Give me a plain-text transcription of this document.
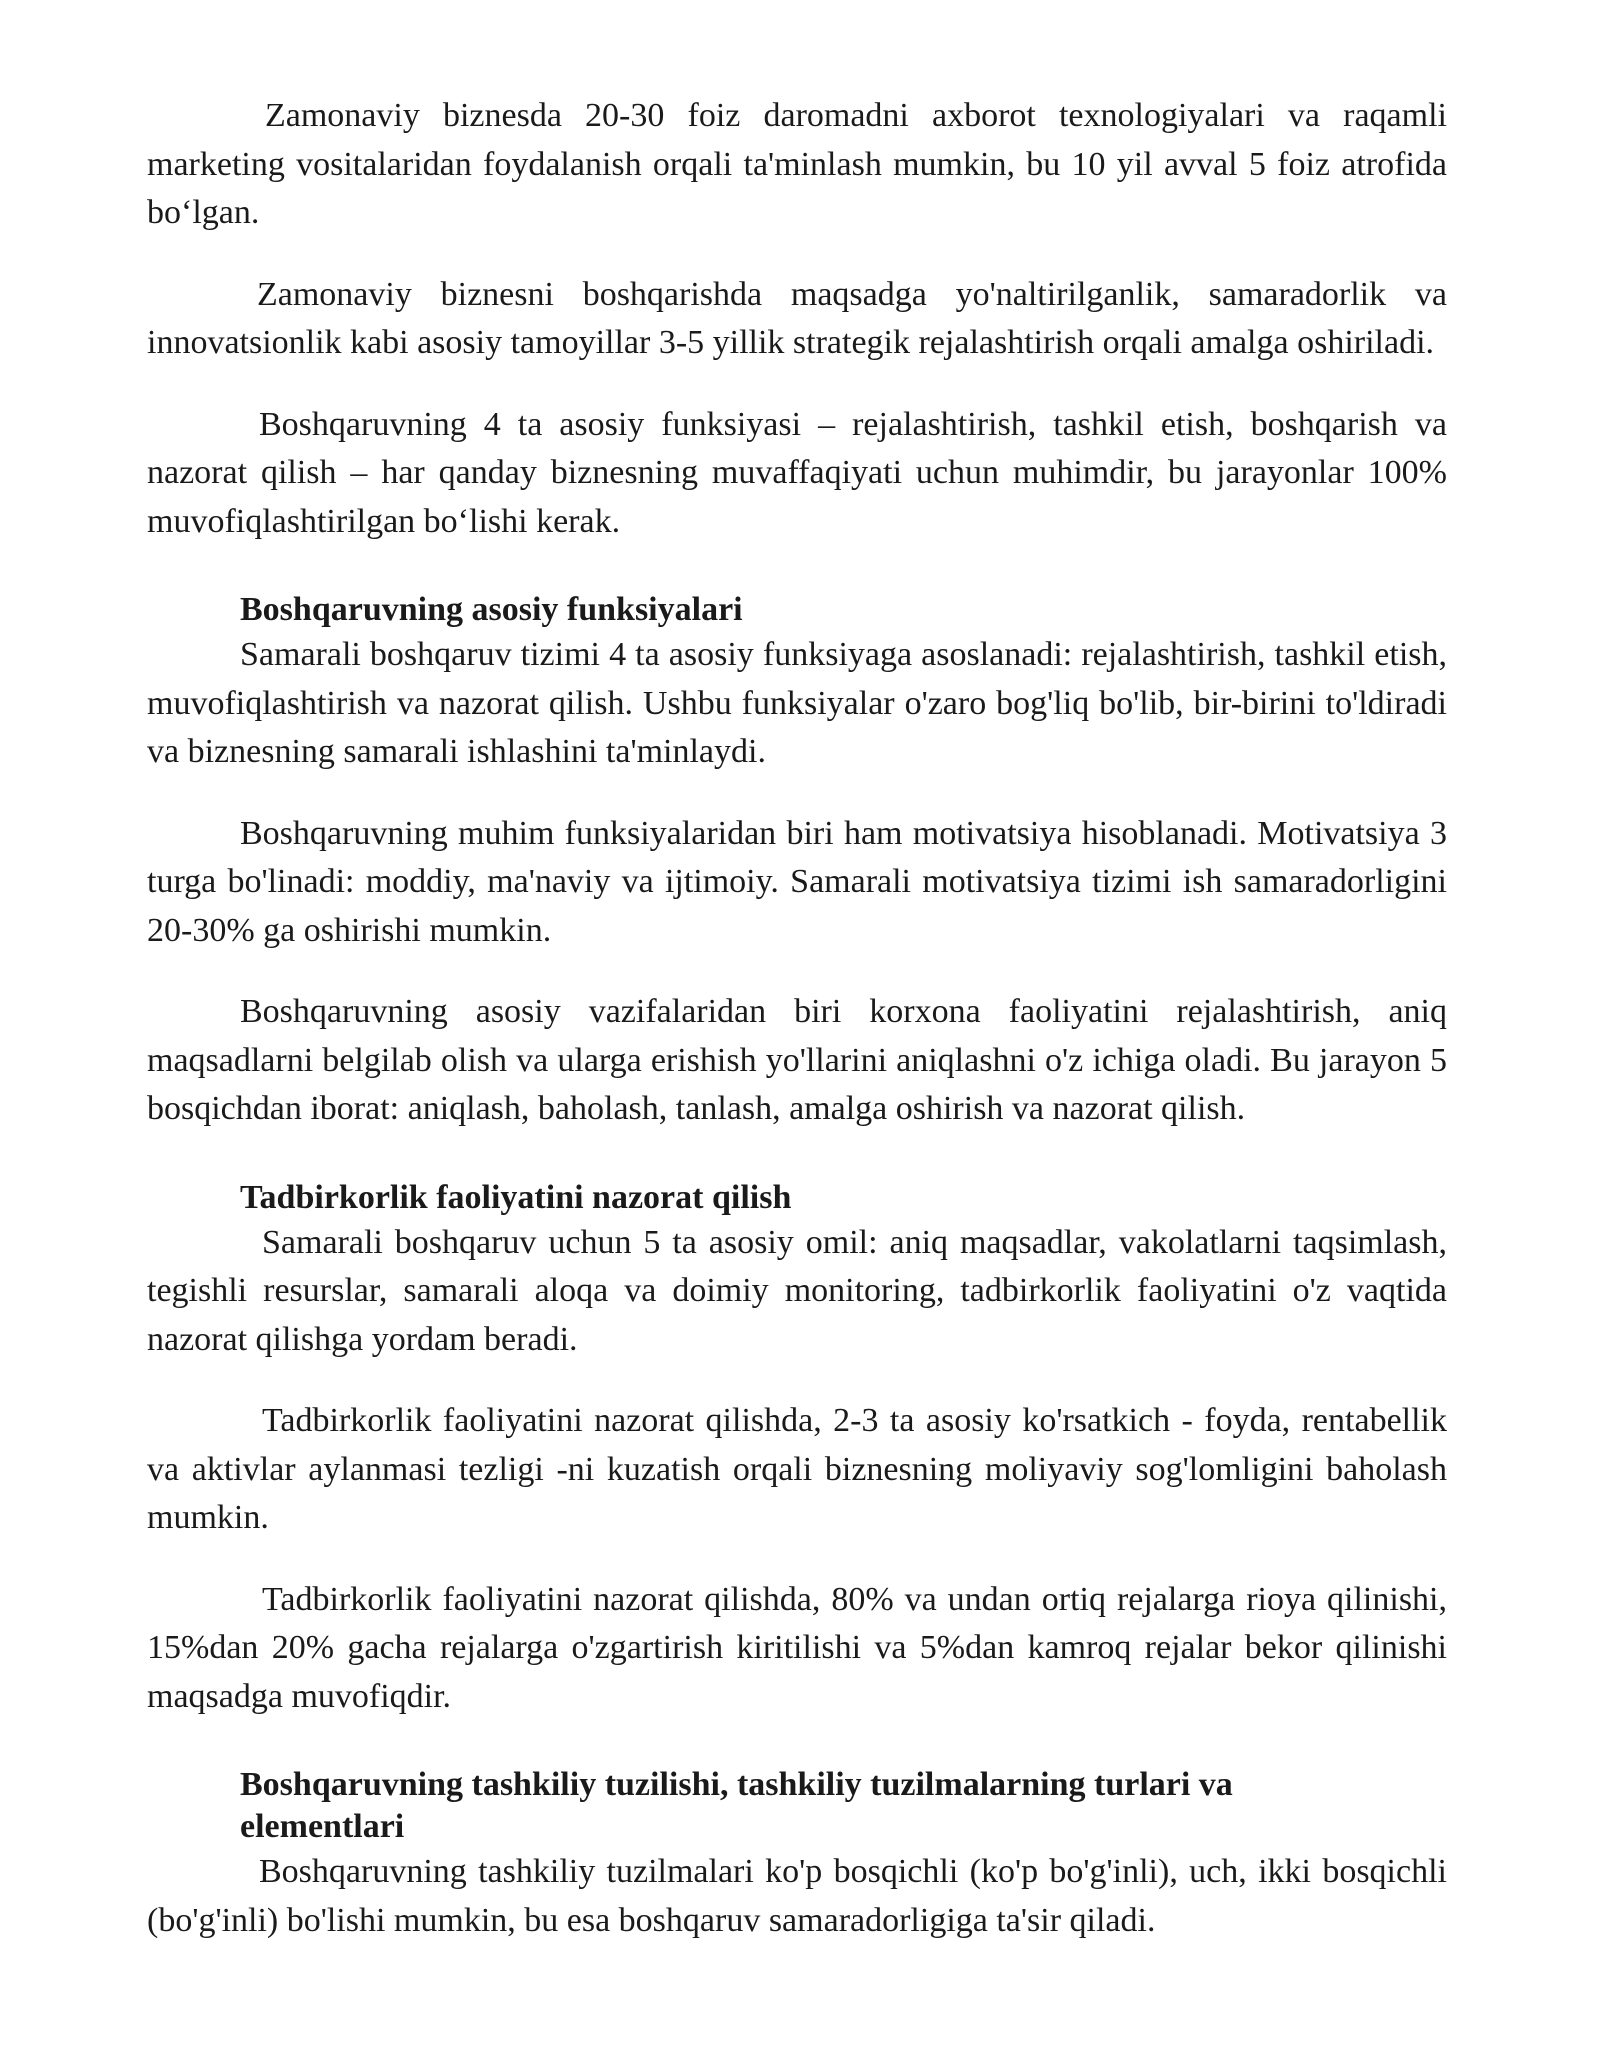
Zamonaviy biznesda 20-30 foiz daromadni axborot texnologiyalari va raqamli marketing vositalaridan foydalanish orqali ta'minlash mumkin, bu 10 yil avval 5 foiz atrofida bo‘lgan.

Zamonaviy biznesni boshqarishda maqsadga yo'naltirilganlik, samaradorlik va innovatsionlik kabi asosiy tamoyillar 3-5 yillik strategik rejalashtirish orqali amalga oshiriladi.

Boshqaruvning 4 ta asosiy funksiyasi – rejalashtirish, tashkil etish, boshqarish va nazorat qilish – har qanday biznesning muvaffaqiyati uchun muhimdir, bu jarayonlar 100% muvofiqlashtirilgan bo‘lishi kerak.

Boshqaruvning asosiy funksiyalari

Samarali boshqaruv tizimi 4 ta asosiy funksiyaga asoslanadi: rejalashtirish, tashkil etish, muvofiqlashtirish va nazorat qilish. Ushbu funksiyalar o'zaro bog'liq bo'lib, bir-birini to'ldiradi va biznesning samarali ishlashini ta'minlaydi.

Boshqaruvning muhim funksiyalaridan biri ham motivatsiya hisoblanadi. Motivatsiya 3 turga bo'linadi: moddiy, ma'naviy va ijtimoiy. Samarali motivatsiya tizimi ish samaradorligini 20-30% ga oshirishi mumkin.

Boshqaruvning asosiy vazifalaridan biri korxona faoliyatini rejalashtirish, aniq maqsadlarni belgilab olish va ularga erishish yo'llarini aniqlashni o'z ichiga oladi. Bu jarayon 5 bosqichdan iborat: aniqlash, baholash, tanlash, amalga oshirish va nazorat qilish.

Tadbirkorlik faoliyatini nazorat qilish

Samarali boshqaruv uchun 5 ta asosiy omil: aniq maqsadlar, vakolatlarni taqsimlash, tegishli resurslar, samarali aloqa va doimiy monitoring, tadbirkorlik faoliyatini o'z vaqtida nazorat qilishga yordam beradi.

Tadbirkorlik faoliyatini nazorat qilishda, 2-3 ta asosiy ko'rsatkich - foyda, rentabellik va aktivlar aylanmasi tezligi -ni kuzatish orqali biznesning moliyaviy sog'lomligini baholash mumkin.

Tadbirkorlik faoliyatini nazorat qilishda, 80% va undan ortiq rejalarga rioya qilinishi, 15%dan 20% gacha rejalarga o'zgartirish kiritilishi va 5%dan kamroq rejalar bekor qilinishi maqsadga muvofiqdir.

Boshqaruvning tashkiliy tuzilishi, tashkiliy tuzilmalarning turlari va elementlari

Boshqaruvning tashkiliy tuzilmalari ko'p bosqichli (ko'p bo'g'inli), uch, ikki bosqichli (bo'g'inli) bo'lishi mumkin, bu esa boshqaruv samaradorligiga ta'sir qiladi.
